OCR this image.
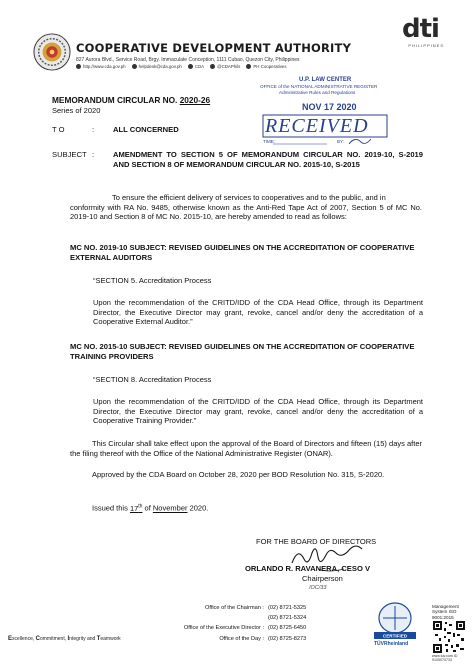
COOPERATIVE DEVELOPMENT AUTHORITY
827 Aurora Blvd., Service Road, Brgy. Immaculate Conception, 1111 Cubao, Quezon City, Philippines
http://www.cda.gov.ph	helpdesk@cda.gov.ph	CDA	@CDAPhils	PH Cooperatives
dti
PHILIPPINES
U.P. LAW CENTER
OFFICE of the NATIONAL ADMINISTRATIVE REGISTER
Administrative Rules and Regulations
NOV 17 2020
RECEIVED
TIME:	BY:
MEMORANDUM CIRCULAR NO. 2020-26
Series of 2020
T O	: ALL CONCERNED
SUBJECT : AMENDMENT TO SECTION 5 OF MEMORANDUM CIRCULAR NO. 2019-10, S-2019 AND SECTION 8 OF MEMORANDUM CIRCULAR NO. 2015-10, S-2015
To ensure the efficient delivery of services to cooperatives and to the public, and in
conformity with RA No. 9485, otherwise known as the Anti-Red Tape Act of 2007, Section 5 of MC No. 2019-10 and Section 8 of MC No. 2015-10, are hereby amended to read as follows:
MC NO. 2019-10 SUBJECT: REVISED GUIDELINES ON THE ACCREDITATION OF COOPERATIVE EXTERNAL AUDITORS
“SECTION 5. Accreditation Process
Upon the recommendation of the CRITD/IDD of the CDA Head Office, through its Department Director, the Executive Director may grant, revoke, cancel and/or deny the accreditation of a Cooperative External Auditor.”
MC NO. 2015-10 SUBJECT: REVISED GUIDELINES ON THE ACCREDITATION OF COOPERATIVE TRAINING PROVIDERS
“SECTION 8. Accreditation Process
Upon the recommendation of the CRITD/IDD of the CDA Head Office, through its Department Director, the Executive Director may grant, revoke, cancel and/or deny the accreditation of a Cooperative Training Provider.”
This Circular shall take effect upon the approval of the Board of Directors and fifteen (15) days after the filing thereof with the Office of the National Administrative Register (ONAR).
Approved by the CDA Board on October 28, 2020 per BOD Resolution No. 315, S-2020.
Issued this 17th of November 2020.
FOR THE BOARD OF DIRECTORS
ORLANDO R. RAVANERA, CESO V
Chairperson
/OC/33
Excellence, Commitment, Integrity and Teamwork
Office of the Chairman : (02) 8721-5325
(02) 8721-5324
Office of the Executive Director : (02) 8725-6450
Office of the Day : (02) 8725-8273	CERTIFIED
TÜVRheinland
Management System ISO 9001:2015
www.tuv.com ID 9105070733
